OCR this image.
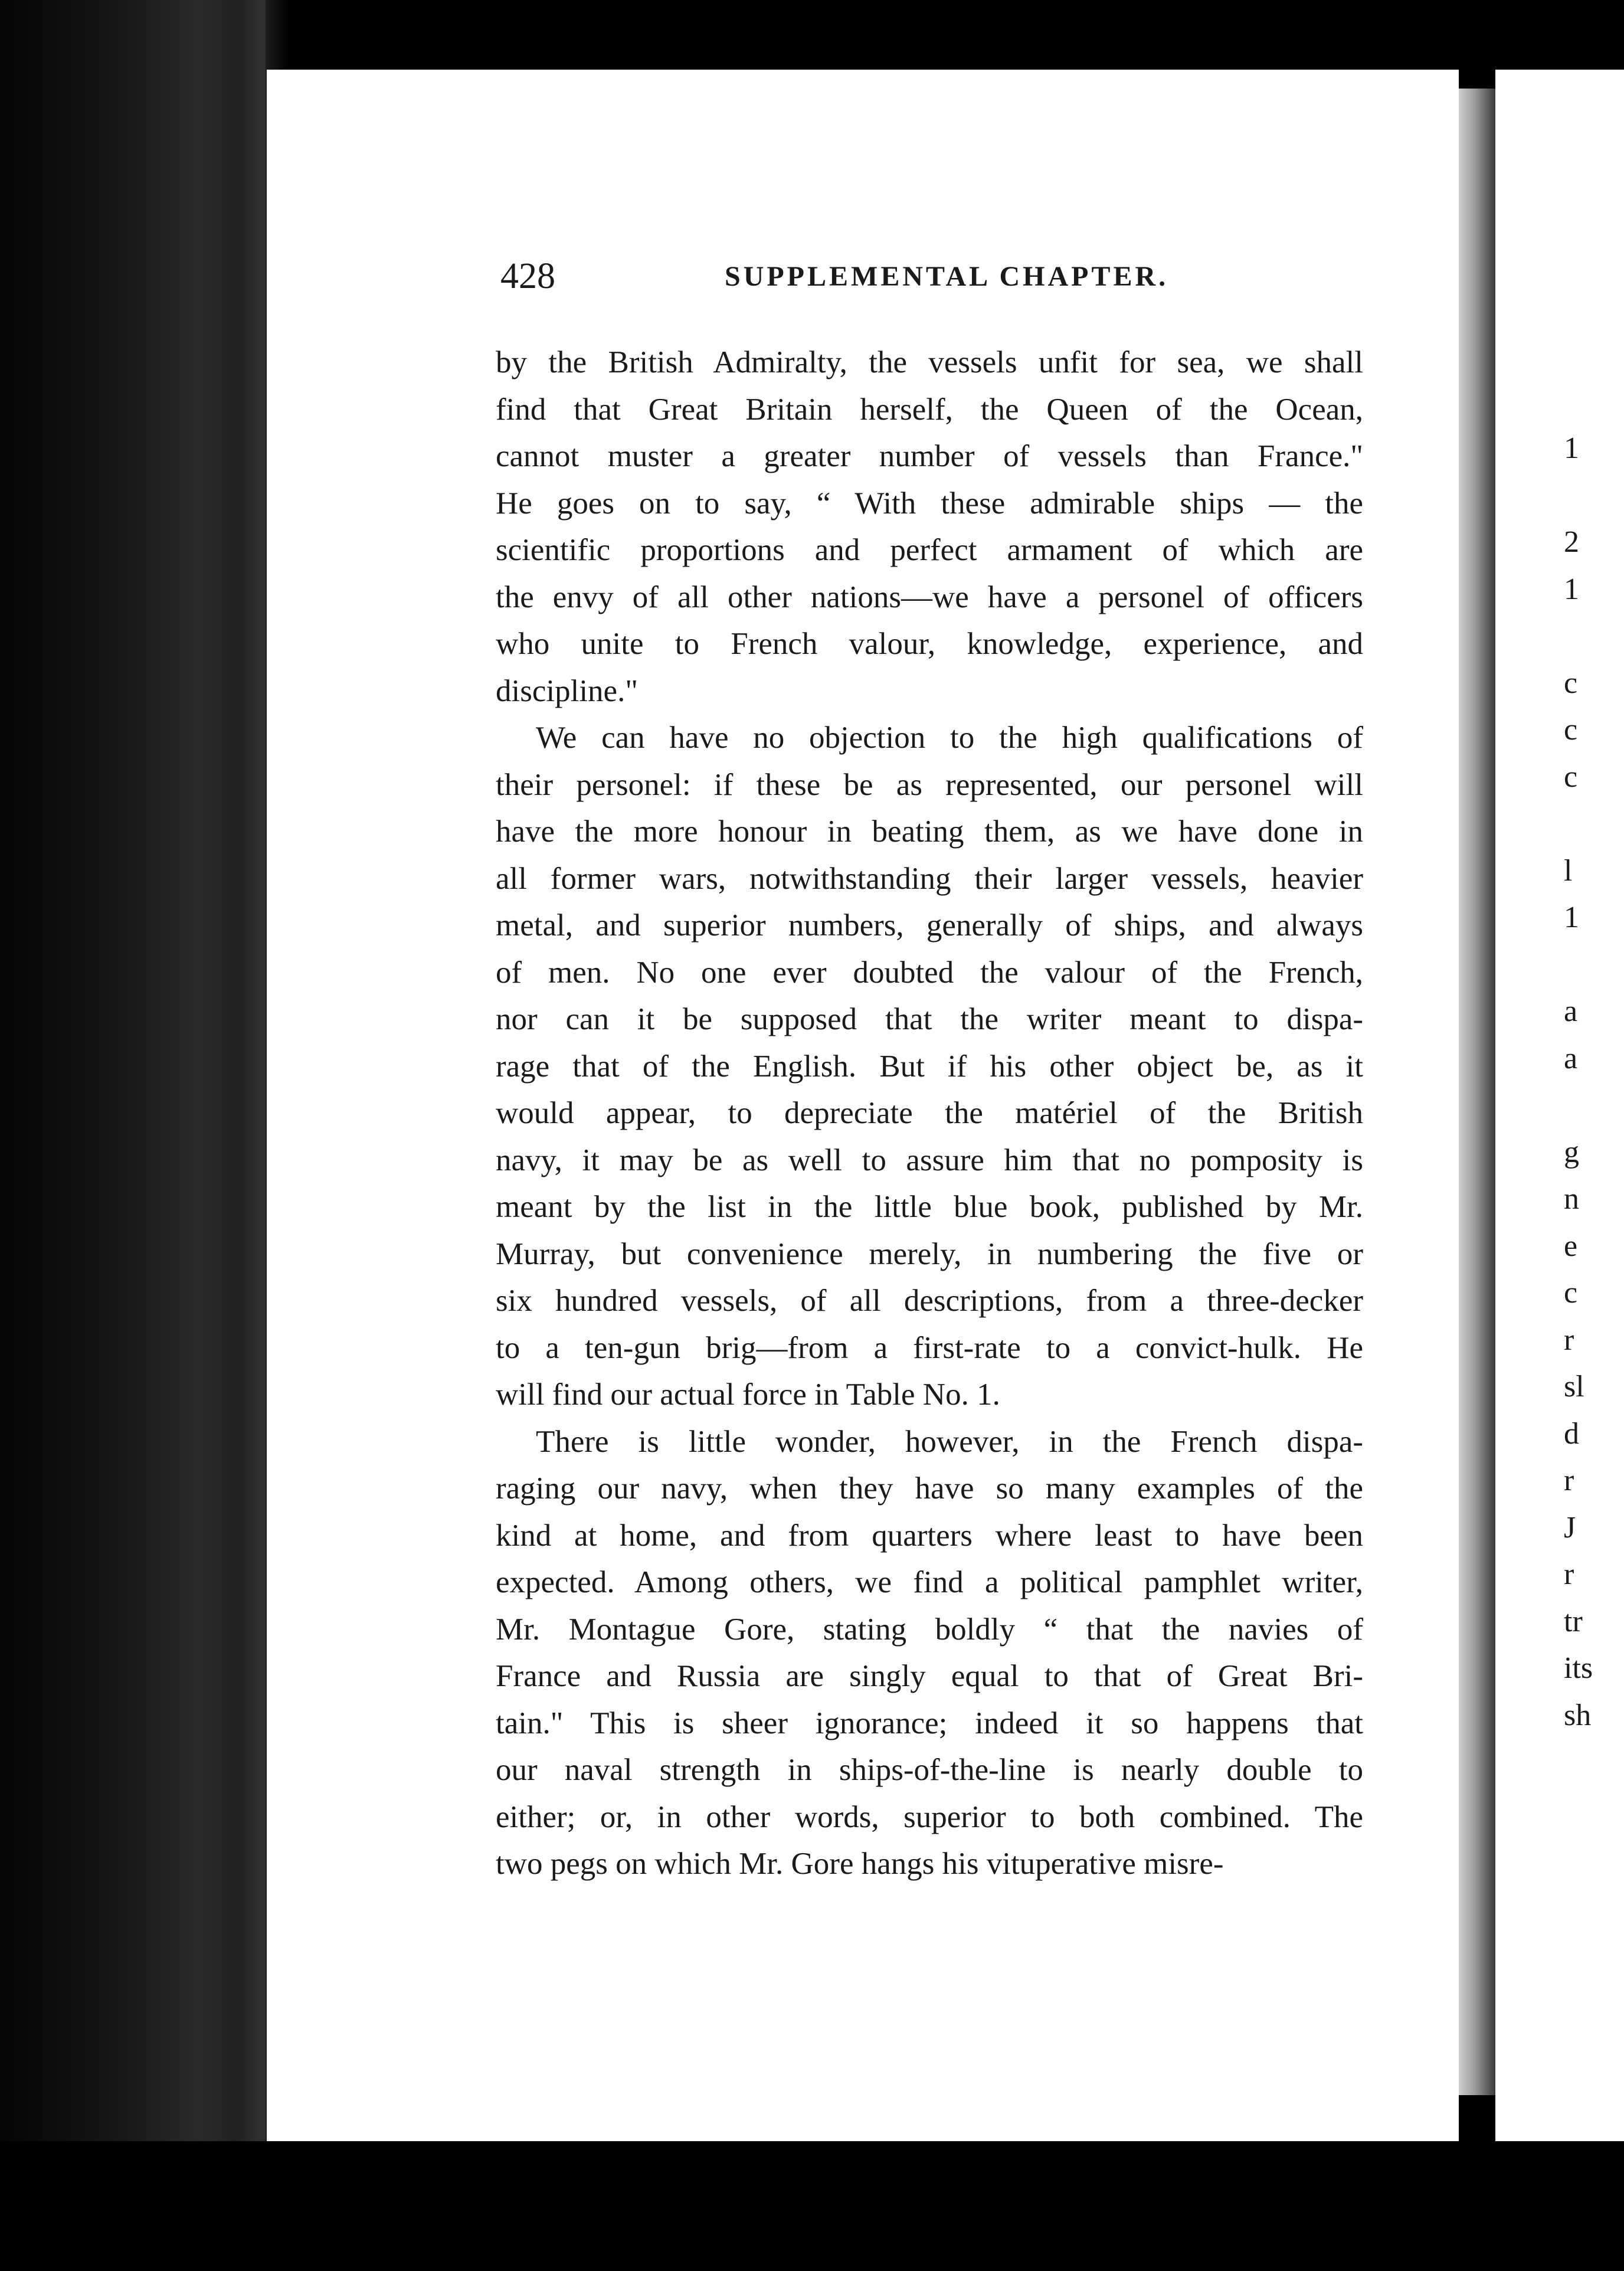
428	SUPPLEMENTAL CHAPTER.

by the British Admiralty, the vessels unfit for sea, we shall
find that Great Britain herself, the Queen of the Ocean,
cannot muster a greater number of vessels than France."
He goes on to say, “ With these admirable ships — the
scientific proportions and perfect armament of which are
the envy of all other nations—we have a personel of officers
who unite to French valour, knowledge, experience, and
discipline."

We can have no objection to the high qualifications of
their personel: if these be as represented, our personel will
have the more honour in beating them, as we have done in
all former wars, notwithstanding their larger vessels, heavier
metal, and superior numbers, generally of ships, and always
of men. No one ever doubted the valour of the French,
nor can it be supposed that the writer meant to dispa-
rage that of the English. But if his other object be, as it
would appear, to depreciate the matériel of the British
navy, it may be as well to assure him that no pomposity is
meant by the list in the little blue book, published by Mr.
Murray, but convenience merely, in numbering the five or
six hundred vessels, of all descriptions, from a three-decker
to a ten-gun brig—from a first-rate to a convict-hulk. He
will find our actual force in Table No. 1.

There is little wonder, however, in the French dispa-
raging our navy, when they have so many examples of the
kind at home, and from quarters where least to have been
expected. Among others, we find a political pamphlet writer,
Mr. Montague Gore, stating boldly “ that the navies of
France and Russia are singly equal to that of Great Bri-
tain." This is sheer ignorance; indeed it so happens that
our naval strength in ships-of-the-line is nearly double to
either; or, in other words, superior to both combined. The
two pegs on which Mr. Gore hangs his vituperative misre-

1
2
1
c
c
c
l
1
a
a
g
n
e
c
r
sl
d
r
J
r
tr
its
sh
